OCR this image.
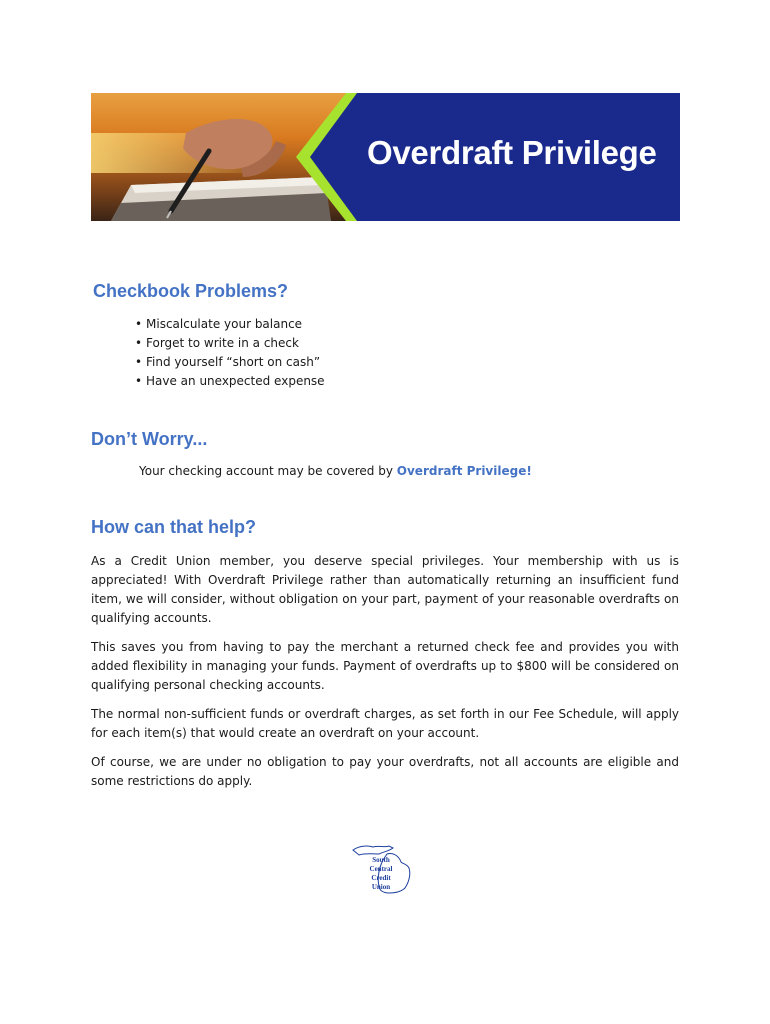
Overdraft Privilege
Checkbook Problems?
• Miscalculate your balance
• Forget to write in a check
• Find yourself “short on cash”
• Have an unexpected expense
Don’t Worry...
Your checking account may be covered by Overdraft Privilege!
How can that help?

As a Credit Union member, you deserve special privileges. Your membership with us is appreciated! With Overdraft Privilege rather than automatically returning an insufficient fund item, we will consider, without obligation on your part, payment of your reasonable overdrafts on qualifying accounts.

This saves you from having to pay the merchant a returned check fee and provides you with added flexibility in managing your funds. Payment of overdrafts up to $800 will be considered on qualifying personal checking accounts.

The normal non-sufficient funds or overdraft charges, as set forth in our Fee Schedule, will apply for each item(s) that would create an overdraft on your account.

Of course, we are under no obligation to pay your overdrafts, not all accounts are eligible and some restrictions do apply.

South
Central
Credit
Union
